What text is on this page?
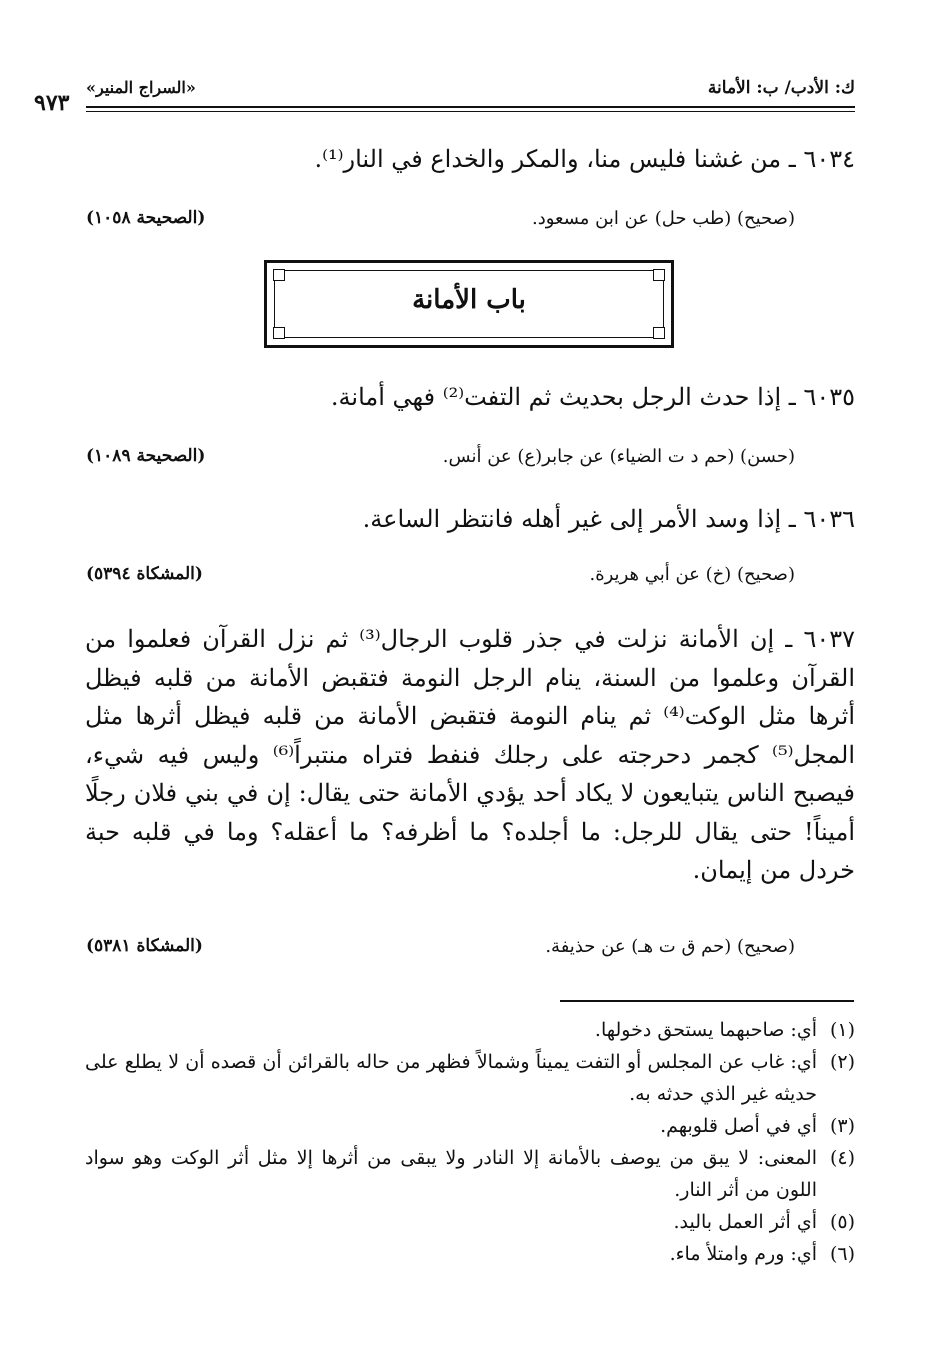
ك: الأدب/ ب: الأمانة
«السراج المنير»
٩٧٣
٦٠٣٤ ـ من غشنا فليس منا، والمكر والخداع في النار⁽¹⁾.
(صحيح) (طب حل) عن ابن مسعود.
(الصحيحة ١٠٥٨)
باب الأمانة
٦٠٣٥ ـ إذا حدث الرجل بحديث ثم التفت⁽²⁾ فهي أمانة.
(حسن) (حم د ت الضياء) عن جابر(ع) عن أنس.
(الصحيحة ١٠٨٩)
٦٠٣٦ ـ إذا وسد الأمر إلى غير أهله فانتظر الساعة.
(صحيح) (خ) عن أبي هريرة.
(المشكاة ٥٣٩٤)
٦٠٣٧ ـ إن الأمانة نزلت في جذر قلوب الرجال⁽³⁾ ثم نزل القرآن فعلموا من القرآن وعلموا من السنة، ينام الرجل النومة فتقبض الأمانة من قلبه فيظل أثرها مثل الوكت⁽⁴⁾ ثم ينام النومة فتقبض الأمانة من قلبه فيظل أثرها مثل المجل⁽⁵⁾ كجمر دحرجته على رجلك فنفط فتراه منتبراً⁽⁶⁾ وليس فيه شيء، فيصبح الناس يتبايعون لا يكاد أحد يؤدي الأمانة حتى يقال: إن في بني فلان رجلًا أميناً! حتى يقال للرجل: ما أجلده؟ ما أظرفه؟ ما أعقله؟ وما في قلبه حبة خردل من إيمان.
(صحيح) (حم ق ت هـ) عن حذيفة.
(المشكاة ٥٣٨١)
(١)
أي: صاحبهما يستحق دخولها.
(٢)
أي: غاب عن المجلس أو التفت يميناً وشمالاً فظهر من حاله بالقرائن أن قصده أن لا يطلع على حديثه غير الذي حدثه به.
(٣)
أي في أصل قلوبهم.
(٤)
المعنى: لا يبق من يوصف بالأمانة إلا النادر ولا يبقى من أثرها إلا مثل أثر الوكت وهو سواد اللون من أثر النار.
(٥)
أي أثر العمل باليد.
(٦)
أي: ورم وامتلأ ماء.
